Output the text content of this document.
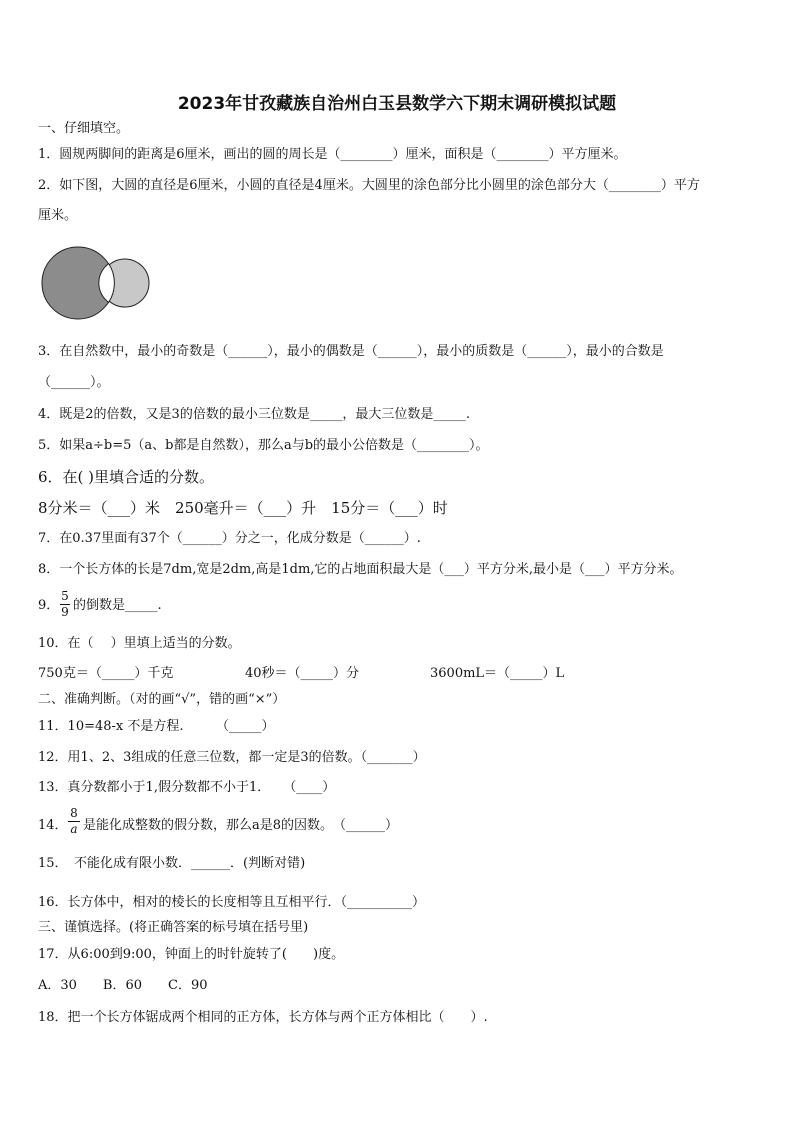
2023年甘孜藏族自治州白玉县数学六下期末调研模拟试题
一、仔细填空。
1．圆规两脚间的距离是6厘米，画出的圆的周长是（________）厘米，面积是（________）平方厘米。
2．如下图，大圆的直径是6厘米，小圆的直径是4厘米。大圆里的涂色部分比小圆里的涂色部分大（________）平方
厘米。
3．在自然数中，最小的奇数是（______），最小的偶数是（______），最小的质数是（______），最小的合数是
（______）。
4．既是2的倍数，又是3的倍数的最小三位数是_____，最大三位数是_____.
5．如果a÷b=5（a、b都是自然数），那么a与b的最小公倍数是（________）。
6．在( )里填合适的分数。
8分米＝（___）米　250毫升＝（___）升　15分＝（___）时
7．在0.37里面有37个（______）分之一，化成分数是（______）.
8．一个长方体的长是7dm,宽是2dm,高是1dm,它的占地面积最大是（___）平方分米,最小是（___）平方分米。
9．
5
9 的倒数是_____.
10．在（　 ）里填上适当的分数。
750克＝（_____）千克	40秒＝（_____）分	3600mL＝（_____）L
二、准确判断。（对的画“√”，错的画“×”）
11．10=48-x 不是方程.　　　（_____）
12．用1、2、3组成的任意三位数，都一定是3的倍数。（_______）
13．真分数都小于1,假分数都不小于1．　　（____）
14．
8
a 是能化成整数的假分数，那么a是8的因数。　（______）
15．　不能化成有限小数．______．(判断对错)
16．长方体中，相对的棱长的长度相等且互相平行．（__________）
三、谨慎选择。(将正确答案的标号填在括号里)
17．从6:00到9:00，钟面上的时针旋转了(　　)度。
A．30　　B．60　　C．90
18．把一个长方体锯成两个相同的正方体，长方体与两个正方体相比（　　）.
